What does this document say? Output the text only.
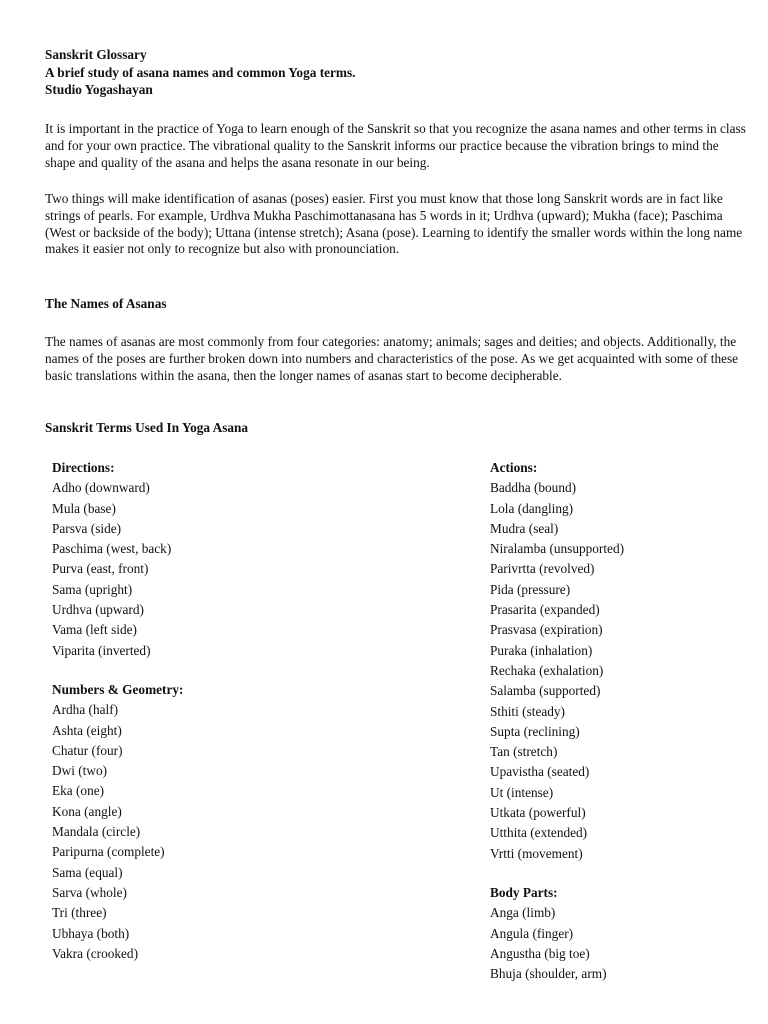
Sanskrit Glossary
A brief study of asana names and common Yoga terms.
Studio Yogashayan

It is important in the practice of Yoga to learn enough of the Sanskrit so that you recognize the asana names and other terms in class and for your own practice. The vibrational quality to the Sanskrit informs our practice because the vibration brings to mind the shape and quality of the asana and helps the asana resonate in our being.

Two things will make identification of asanas (poses) easier. First you must know that those long Sanskrit words are in fact like strings of pearls. For example, Urdhva Mukha Paschimottanasana has 5 words in it; Urdhva (upward); Mukha (face); Paschima (West or backside of the body); Uttana (intense stretch); Asana (pose). Learning to identify the smaller words within the long name makes it easier not only to recognize but also with pronounciation.

The Names of Asanas

The names of asanas are most commonly from four categories: anatomy; animals; sages and deities; and objects. Additionally, the names of the poses are further broken down into numbers and characteristics of the pose. As we get acquainted with some of these basic translations within the asana, then the longer names of asanas start to become decipherable.

Sanskrit Terms Used In Yoga Asana
Directions:
Adho (downward)
Mula (base)
Parsva (side)
Paschima (west, back)
Purva (east, front)
Sama (upright)
Urdhva (upward)
Vama (left side)
Viparita (inverted)
Numbers & Geometry:
Ardha (half)
Ashta (eight)
Chatur (four)
Dwi (two)
Eka (one)
Kona (angle)
Mandala (circle)
Paripurna (complete)
Sama (equal)
Sarva (whole)
Tri (three)
Ubhaya (both)
Vakra (crooked)
Actions:
Baddha (bound)
Lola (dangling)
Mudra (seal)
Niralamba (unsupported)
Parivrtta (revolved)
Pida (pressure)
Prasarita (expanded)
Prasvasa (expiration)
Puraka (inhalation)
Rechaka (exhalation)
Salamba (supported)
Sthiti (steady)
Supta (reclining)
Tan (stretch)
Upavistha (seated)
Ut (intense)
Utkata (powerful)
Utthita (extended)
Vrtti (movement)
Body Parts:
Anga (limb)
Angula (finger)
Angustha (big toe)
Bhuja (shoulder, arm)
